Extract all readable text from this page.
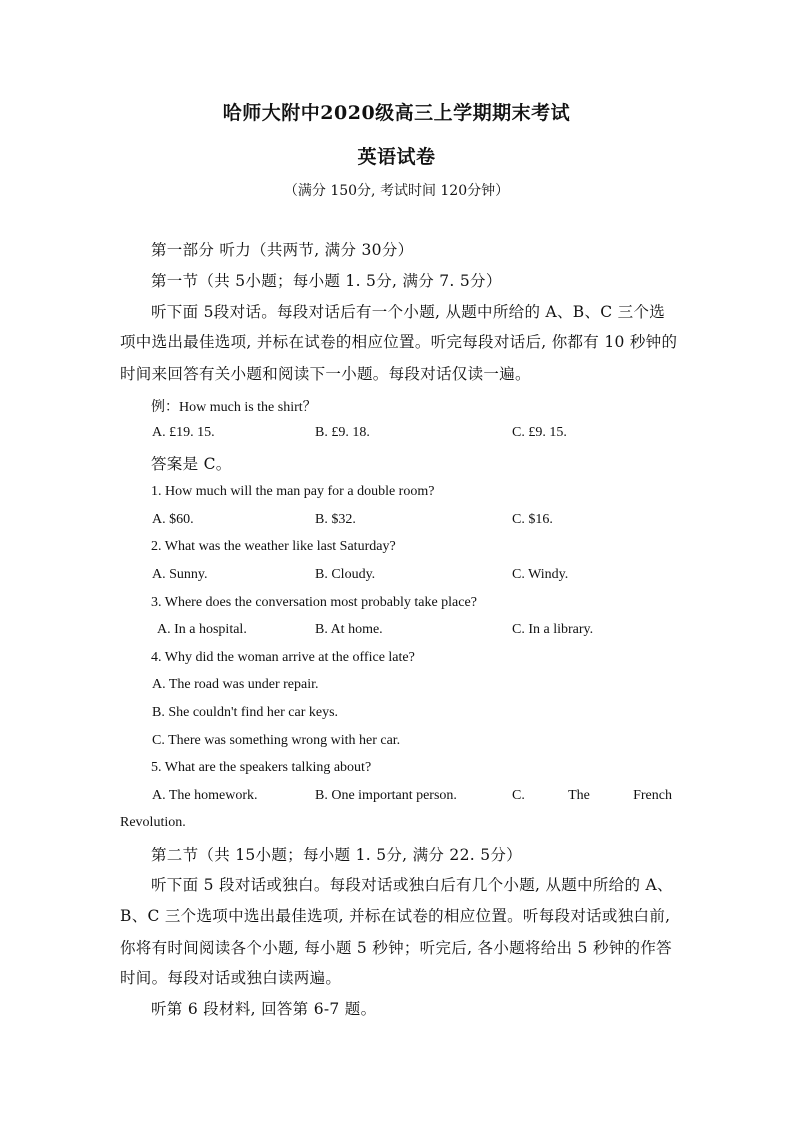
哈师大附中2020级高三上学期期末考试
英语试卷
（满分 150分, 考试时间 120分钟）
第一部分 听力（共两节, 满分 30分）
第一节（共 5小题；每小题 1. 5分, 满分 7. 5分）
听下面 5段对话。每段对话后有一个小题, 从题中所给的 A、B、C 三个选
项中选出最佳选项, 并标在试卷的相应位置。听完每段对话后, 你都有 10 秒钟的
时间来回答有关小题和阅读下一小题。每段对话仅读一遍。
例：How much is the shirt？
A. £19. 15.	B. £9. 18.	C. £9. 15.
答案是 C。
1. How much will the man pay for a double room?
A. $60.	B. $32.	C. $16.
2. What was the weather like last Saturday?
A. Sunny.	B. Cloudy.	C. Windy.
3. Where does the conversation most probably take place?
A. In a hospital.	B. At home.	C. In a library.
4. Why did the woman arrive at the office late?
A. The road was under repair.
B. She couldn't find her car keys.
C. There was something wrong with her car.
5. What are the speakers talking about?
A. The homework.	B. One important person.	C.	The	French
Revolution.
第二节（共 15小题；每小题 1. 5分, 满分 22. 5分）
听下面 5 段对话或独白。每段对话或独白后有几个小题, 从题中所给的 A、
B、C 三个选项中选出最佳选项, 并标在试卷的相应位置。听每段对话或独白前,
你将有时间阅读各个小题, 每小题 5 秒钟；听完后, 各小题将给出 5 秒钟的作答
时间。每段对话或独白读两遍。
听第 6 段材料, 回答第 6-7 题。
